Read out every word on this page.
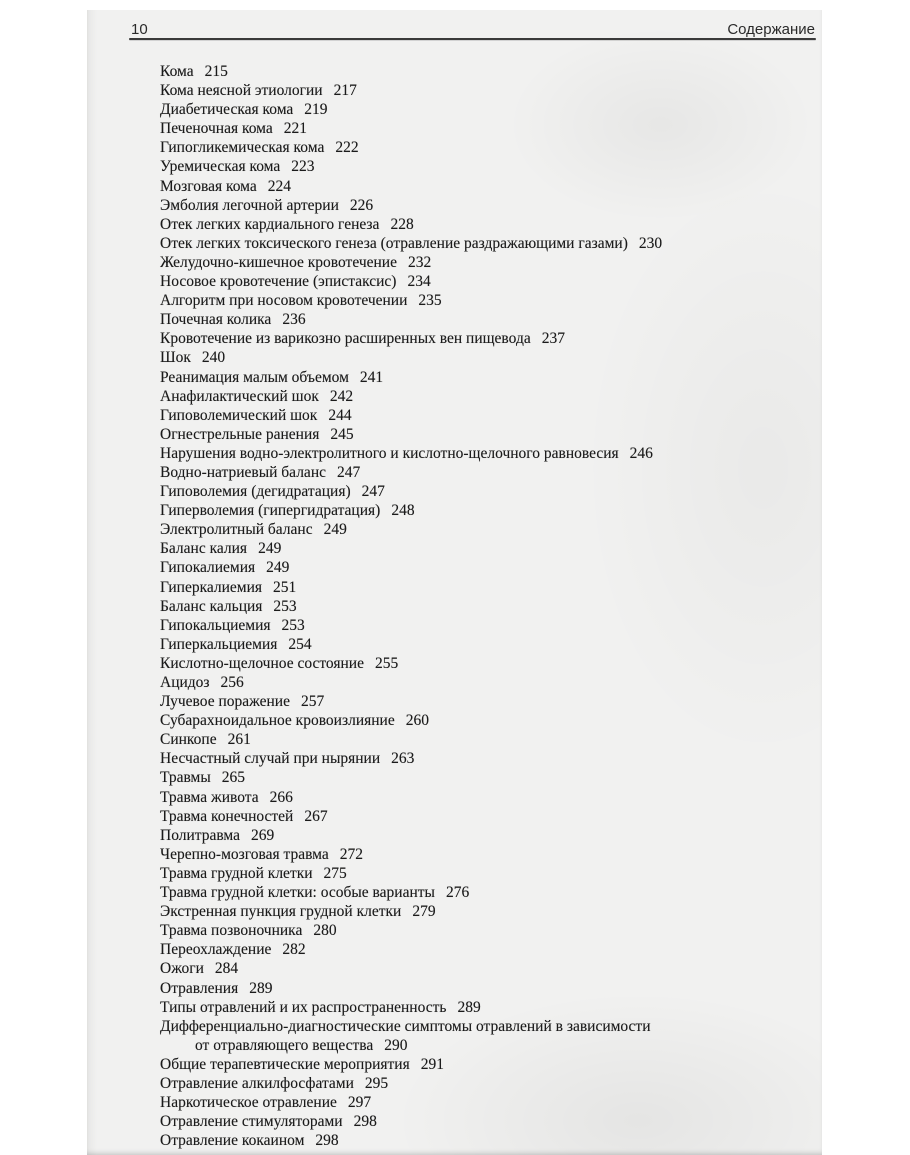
10	Содержание
Кома 215
Кома неясной этиологии 217
Диабетическая кома 219
Печеночная кома 221
Гипогликемическая кома 222
Уремическая кома 223
Мозговая кома 224
Эмболия легочной артерии 226
Отек легких кардиального генеза 228
Отек легких токсического генеза (отравление раздражающими газами) 230
Желудочно-кишечное кровотечение 232
Носовое кровотечение (эпистаксис) 234
Алгоритм при носовом кровотечении 235
Почечная колика 236
Кровотечение из варикозно расширенных вен пищевода 237
Шок 240
Реанимация малым объемом 241
Анафилактический шок 242
Гиповолемический шок 244
Огнестрельные ранения 245
Нарушения водно-электролитного и кислотно-щелочного равновесия 246
Водно-натриевый баланс 247
Гиповолемия (дегидратация) 247
Гиперволемия (гипергидратация) 248
Электролитный баланс 249
Баланс калия 249
Гипокалиемия 249
Гиперкалиемия 251
Баланс кальция 253
Гипокальциемия 253
Гиперкальциемия 254
Кислотно-щелочное состояние 255
Ацидоз 256
Лучевое поражение 257
Субарахноидальное кровоизлияние 260
Синкопе 261
Несчастный случай при нырянии 263
Травмы 265
Травма живота 266
Травма конечностей 267
Политравма 269
Черепно-мозговая травма 272
Травма грудной клетки 275
Травма грудной клетки: особые варианты 276
Экстренная пункция грудной клетки 279
Травма позвоночника 280
Переохлаждение 282
Ожоги 284
Отравления 289
Типы отравлений и их распространенность 289
Дифференциально-диагностические симптомы отравлений в зависимости
от отравляющего вещества 290
Общие терапевтические мероприятия 291
Отравление алкилфосфатами 295
Наркотическое отравление 297
Отравление стимуляторами 298
Отравление кокаином 298
